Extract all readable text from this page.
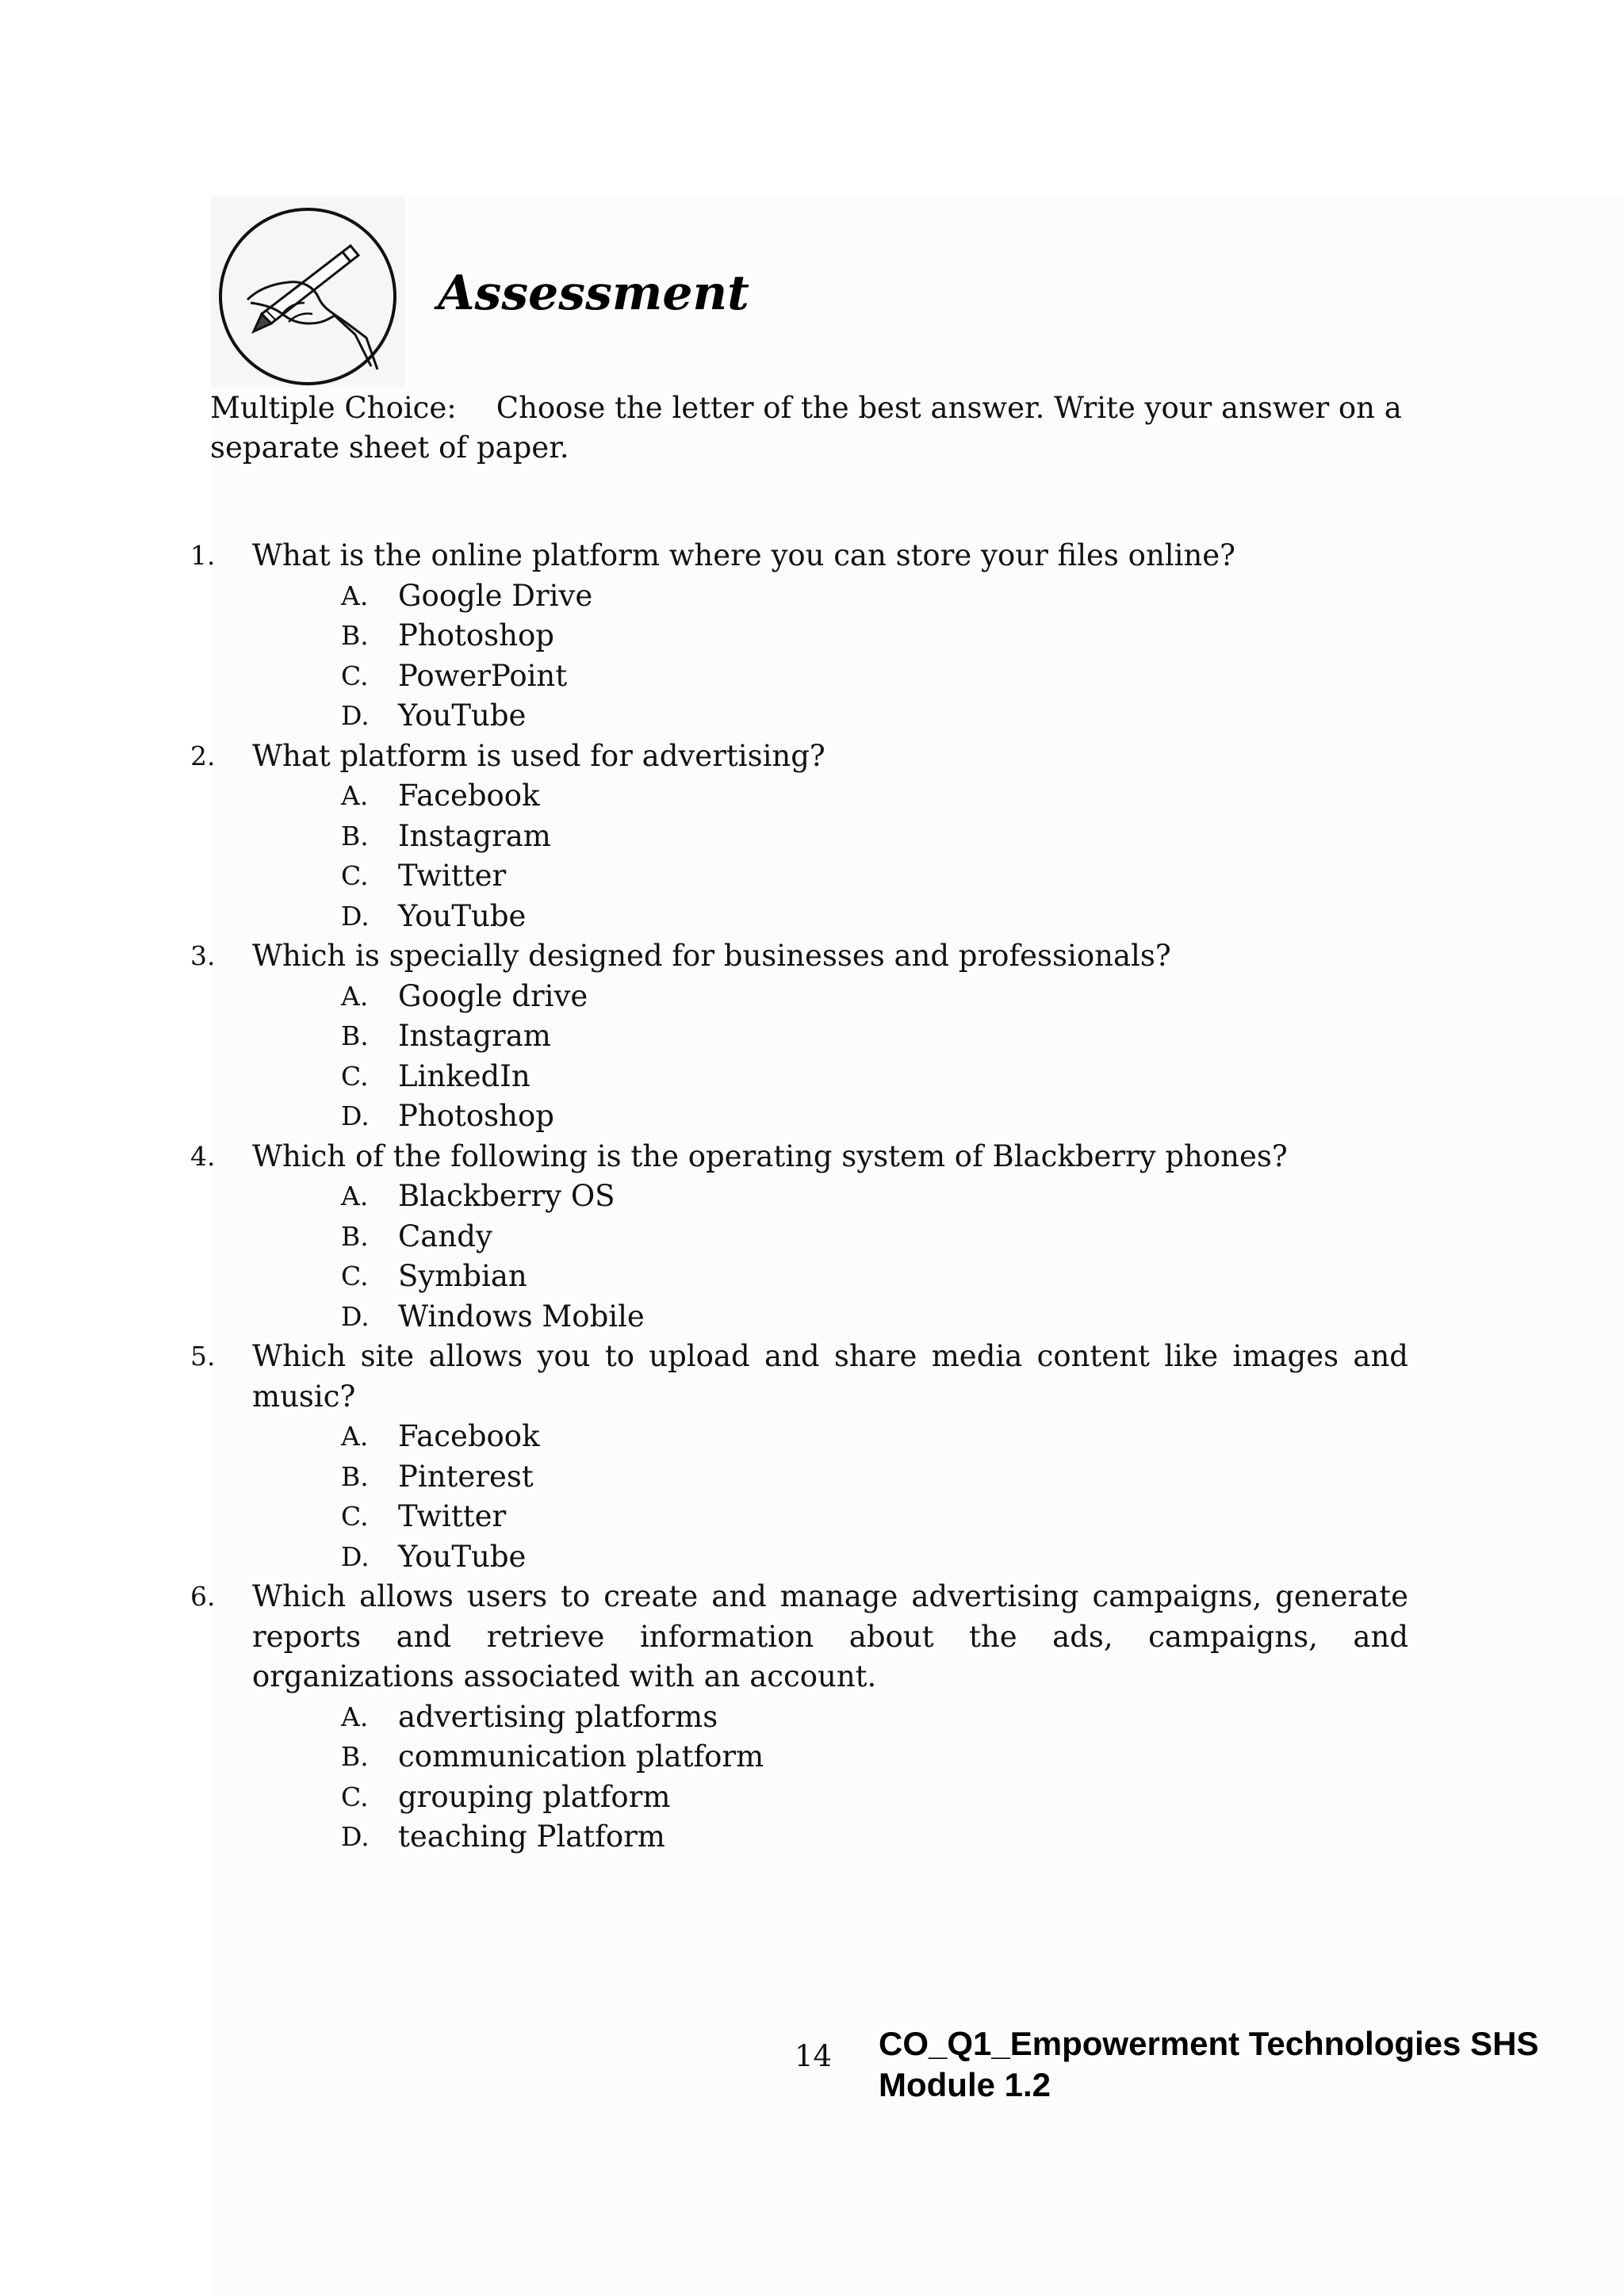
Assessment

Multiple Choice: Choose the letter of the best answer. Write your answer on a separate sheet of paper.

1. What is the online platform where you can store your files online?
A. Google Drive
B. Photoshop
C. PowerPoint
D. YouTube
2. What platform is used for advertising?
A. Facebook
B. Instagram
C. Twitter
D. YouTube
3. Which is specially designed for businesses and professionals?
A. Google drive
B. Instagram
C. LinkedIn
D. Photoshop
4. Which of the following is the operating system of Blackberry phones?
A. Blackberry OS
B. Candy
C. Symbian
D. Windows Mobile
5. Which site allows you to upload and share media content like images and music?
A. Facebook
B. Pinterest
C. Twitter
D. YouTube
6. Which allows users to create and manage advertising campaigns, generate reports and retrieve information about the ads, campaigns, and organizations associated with an account.
A. advertising platforms
B. communication platform
C. grouping platform
D. teaching Platform
14 CO_Q1_Empowerment Technologies SHS
Module 1.2
